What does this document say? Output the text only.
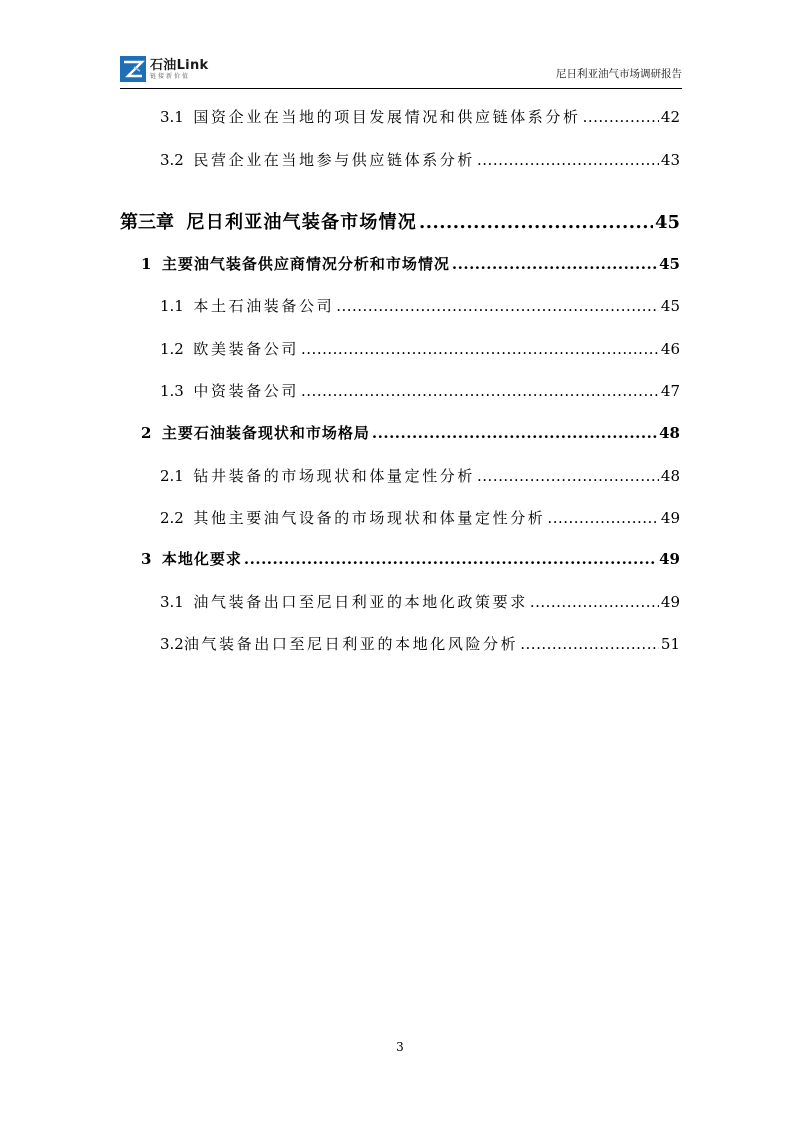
石油Link
链接新价值	尼日利亚油气市场调研报告
3.1
国资企业在当地的项目发展情况和供应链体系分析 .....	42
3.2
民营企业在当地参与供应链体系分析 .....	43
第三章
尼日利亚油气装备市场情况 .....	45
1
主要油气装备供应商情况分析和市场情况 .....	45
1.1
本土石油装备公司 .....	45
1.2
欧美装备公司 .....	46
1.3
中资装备公司 .....	47
2
主要石油装备现状和市场格局 .....	48
2.1
钻井装备的市场现状和体量定性分析 .....	48
2.2
其他主要油气设备的市场现状和体量定性分析 .....	49
3
本地化要求 .....	49
3.1
油气装备出口至尼日利亚的本地化政策要求 .....	49
3.2 油气装备出口至尼日利亚的本地化风险分析 .....	51
3
